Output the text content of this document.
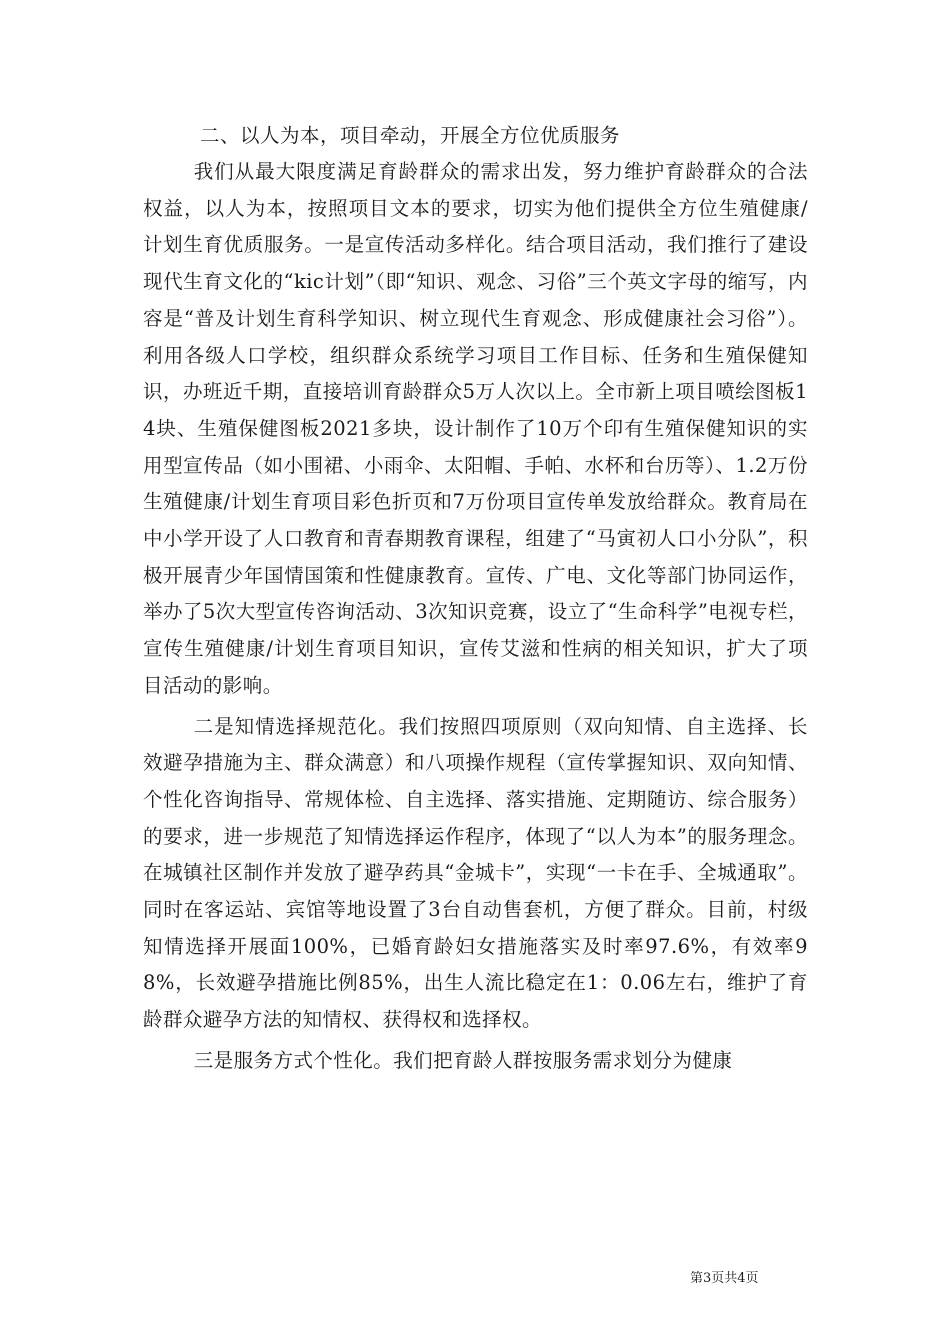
二、以人为本，项目牵动，开展全方位优质服务

我们从最大限度满足育龄群众的需求出发，努力维护育龄群众的合法权益，以人为本，按照项目文本的要求，切实为他们提供全方位生殖健康/计划生育优质服务。一是宣传活动多样化。结合项目活动，我们推行了建设现代生育文化的“kic计划”（即“知识、观念、习俗”三个英文字母的缩写，内容是“普及计划生育科学知识、树立现代生育观念、形成健康社会习俗”）。利用各级人口学校，组织群众系统学习项目工作目标、任务和生殖保健知识，办班近千期，直接培训育龄群众5万人次以上。全市新上项目喷绘图板14块、生殖保健图板2021多块，设计制作了10万个印有生殖保健知识的实用型宣传品（如小围裙、小雨伞、太阳帽、手帕、水杯和台历等）、1.2万份生殖健康/计划生育项目彩色折页和7万份项目宣传单发放给群众。教育局在中小学开设了人口教育和青春期教育课程，组建了“马寅初人口小分队”，积极开展青少年国情国策和性健康教育。宣传、广电、文化等部门协同运作，举办了5次大型宣传咨询活动、3次知识竞赛，设立了“生命科学”电视专栏，宣传生殖健康/计划生育项目知识，宣传艾滋和性病的相关知识，扩大了项目活动的影响。

二是知情选择规范化。我们按照四项原则（双向知情、自主选择、长效避孕措施为主、群众满意）和八项操作规程（宣传掌握知识、双向知情、个性化咨询指导、常规体检、自主选择、落实措施、定期随访、综合服务）的要求，进一步规范了知情选择运作程序，体现了“以人为本”的服务理念。在城镇社区制作并发放了避孕药具“金城卡”，实现“一卡在手、全城通取”。同时在客运站、宾馆等地设置了3台自动售套机，方便了群众。目前，村级知情选择开展面100%，已婚育龄妇女措施落实及时率97.6%，有效率98%，长效避孕措施比例85%，出生人流比稳定在1：0.06左右，维护了育龄群众避孕方法的知情权、获得权和选择权。

三是服务方式个性化。我们把育龄人群按服务需求划分为健康

第3页共4页
